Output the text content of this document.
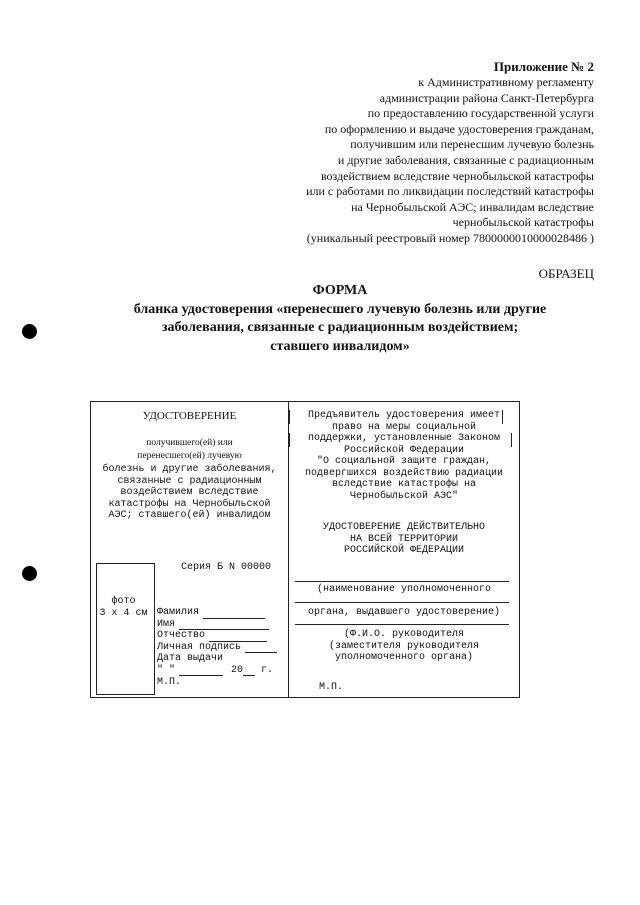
Приложение № 2
к Административному регламенту
администрации района Санкт-Петербурга
по предоставлению государственной услуги
по оформлению и выдаче удостоверения гражданам,
получившим или перенесшим лучевую болезнь
и другие заболевания, связанные с радиационным
воздействием вследствие чернобыльской катастрофы
или с работами по ликвидации последствий катастрофы
на Чернобыльской АЭС; инвалидам вследствие
чернобыльской катастрофы
(уникальный реестровый номер 7800000010000028486 )
ОБРАЗЕЦ
ФОРМА
бланка удостоверения «перенесшего лучевую болезнь или другие
заболевания, связанные с радиационным воздействием;
ставшего инвалидом»
УДОСТОВЕРЕНИЕ
получившего(ей) или
перенесшего(ей) лучевую
болезнь и другие заболевания,
связанные с радиационным
воздействием вследствие
катастрофы на Чернобыльской
АЭС; ставшего(ей) инвалидом
Серия Б N 00000
фото
3 х 4 см Фамилия
Имя
Отчество
Личная подпись
Дата выдачи
" "	20 г.
М.П.
Предъявитель удостоверения имеет
право на меры социальной
поддержки, установленные Законом
Российской Федерации
"О социальной защите граждан,
подвергшихся воздействию радиации
вследствие катастрофы на
Чернобыльской АЭС"
УДОСТОВЕРЕНИЕ ДЕЙСТВИТЕЛЬНО
НА ВСЕЙ ТЕРРИТОРИИ
РОССИЙСКОЙ ФЕДЕРАЦИИ
(наименование уполномоченного
органа, выдавшего удостоверение)
(Ф.И.О. руководителя
(заместителя руководителя
уполномоченного органа)
М.П.
